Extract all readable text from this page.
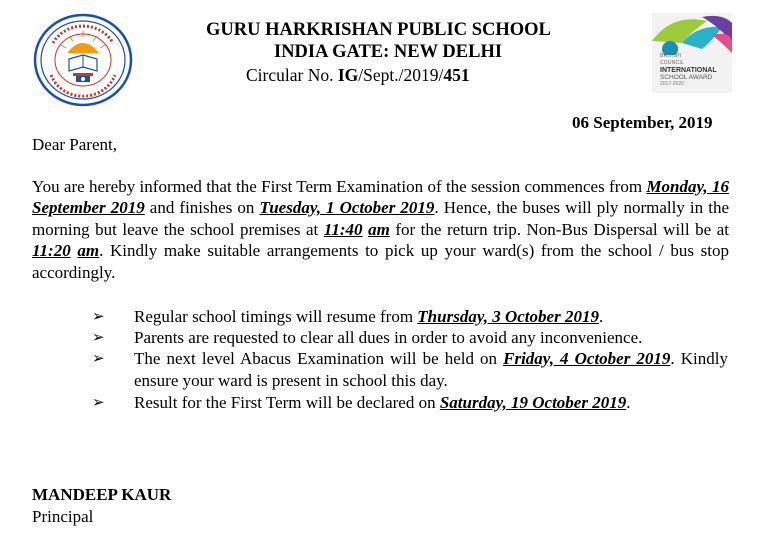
GURU HARKRISHAN PUBLIC SCHOOL
INDIA GATE: NEW DELHI
Circular No. IG/Sept./2019/451
BRITISH
COUNCIL
INTERNATIONAL
SCHOOL AWARD
2017-2020
06 September, 2019
Dear Parent,
You are hereby informed that the First Term Examination of the session commences from Monday, 16 September 2019 and finishes on Tuesday, 1 October 2019. Hence, the buses will ply normally in the morning but leave the school premises at 11:40 am for the return trip. Non-Bus Dispersal will be at 11:20 am. Kindly make suitable arrangements to pick up your ward(s) from the school / bus stop accordingly.
➢ Regular school timings will resume from Thursday, 3 October 2019.
➢ Parents are requested to clear all dues in order to avoid any inconvenience.
➢ The next level Abacus Examination will be held on Friday, 4 October 2019. Kindly ensure your ward is present in school this day.
➢ Result for the First Term will be declared on Saturday, 19 October 2019.
MANDEEP KAUR
Principal
